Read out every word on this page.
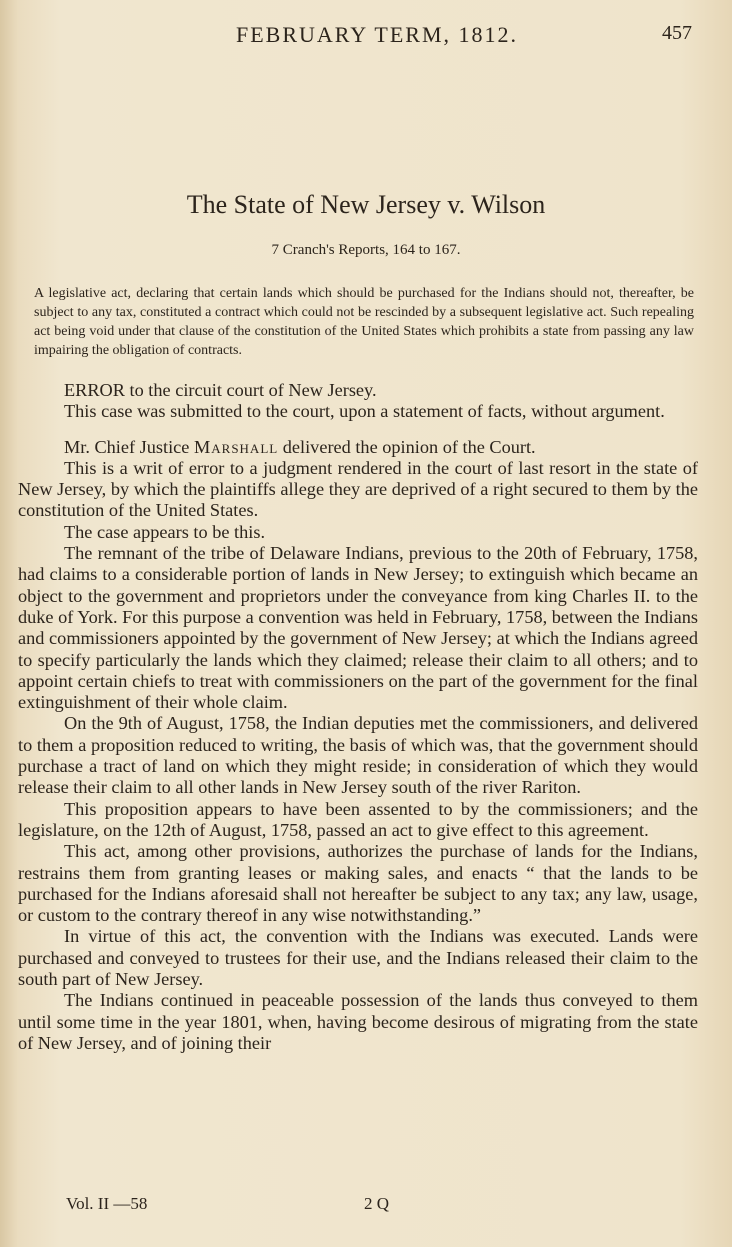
FEBRUARY TERM, 1812.	457
The State of New Jersey v. Wilson
7 Cranch's Reports, 164 to 167.
A legislative act, declaring that certain lands which should be purchased for the Indians should not, thereafter, be subject to any tax, constituted a contract which could not be rescinded by a subsequent legislative act. Such repealing act being void under that clause of the constitution of the United States which prohibits a state from passing any law impairing the obligation of contracts.

ERROR to the circuit court of New Jersey.

This case was submitted to the court, upon a statement of facts, without argument.

Mr. Chief Justice Marshall delivered the opinion of the Court.

This is a writ of error to a judgment rendered in the court of last resort in the state of New Jersey, by which the plaintiffs allege they are deprived of a right secured to them by the constitution of the United States.

The case appears to be this.

The remnant of the tribe of Delaware Indians, previous to the 20th of February, 1758, had claims to a considerable portion of lands in New Jersey; to extinguish which became an object to the government and proprietors under the conveyance from king Charles II. to the duke of York. For this purpose a convention was held in February, 1758, between the Indians and commissioners appointed by the government of New Jersey; at which the Indians agreed to specify particularly the lands which they claimed; release their claim to all others; and to appoint certain chiefs to treat with commissioners on the part of the government for the final extinguishment of their whole claim.

On the 9th of August, 1758, the Indian deputies met the commissioners, and delivered to them a proposition reduced to writing, the basis of which was, that the government should purchase a tract of land on which they might reside; in consideration of which they would release their claim to all other lands in New Jersey south of the river Rariton.

This proposition appears to have been assented to by the commissioners; and the legislature, on the 12th of August, 1758, passed an act to give effect to this agreement.

This act, among other provisions, authorizes the purchase of lands for the Indians, restrains them from granting leases or making sales, and enacts “ that the lands to be purchased for the Indians aforesaid shall not hereafter be subject to any tax; any law, usage, or custom to the contrary thereof in any wise notwithstanding.”

In virtue of this act, the convention with the Indians was executed. Lands were purchased and conveyed to trustees for their use, and the Indians released their claim to the south part of New Jersey.

The Indians continued in peaceable possession of the lands thus conveyed to them until some time in the year 1801, when, having become desirous of migrating from the state of New Jersey, and of joining their

Vol. II —58	2 Q
